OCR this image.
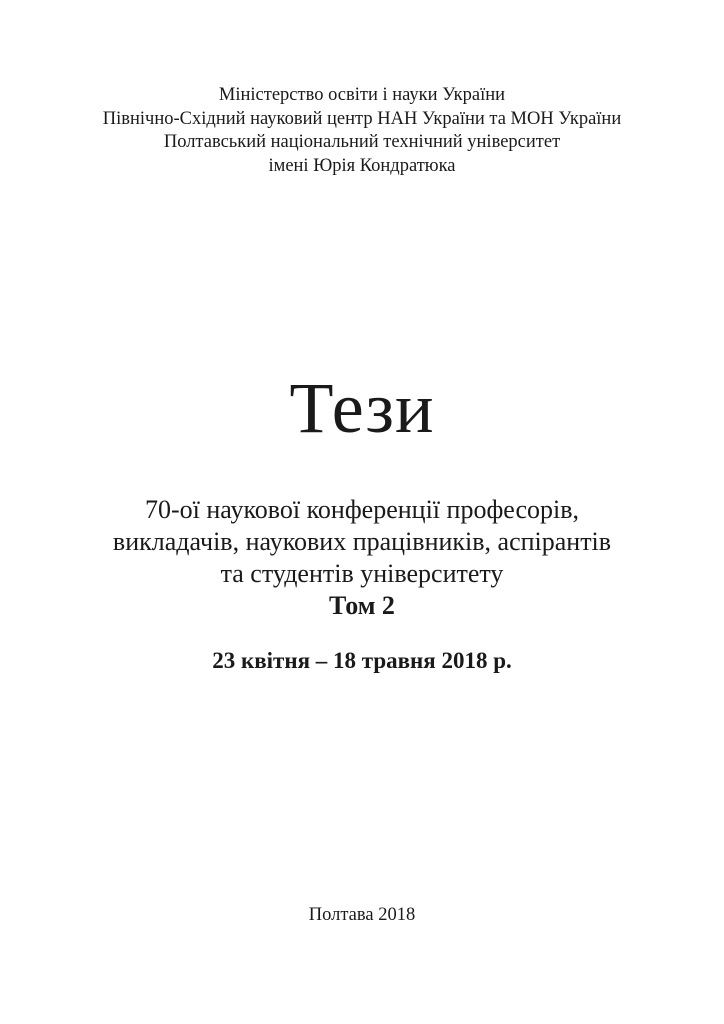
Міністерство освіти і науки України
Північно-Східний науковий центр НАН України та МОН України
Полтавський національний технічний університет
імені Юрія Кондратюка
Тези
70-ої наукової конференції професорів,
викладачів, наукових працівників, аспірантів
та студентів університету
Том 2
23 квітня – 18 травня 2018 р.
Полтава 2018
